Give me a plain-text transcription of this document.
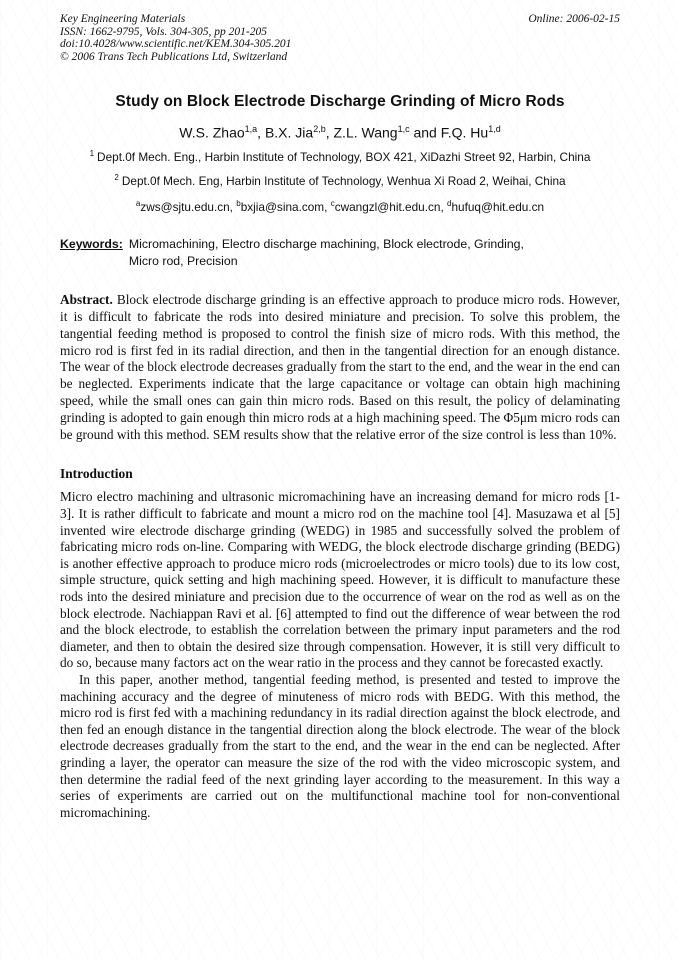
Key Engineering Materials
ISSN: 1662-9795, Vols. 304-305, pp 201-205
doi:10.4028/www.scientific.net/KEM.304-305.201
© 2006 Trans Tech Publications Ltd, Switzerland
Online: 2006-02-15
Study on Block Electrode Discharge Grinding of Micro Rods
W.S. Zhao$^{1,a}$, B.X. Jia$^{2,b}$, Z.L. Wang$^{1,c}$ and F.Q. Hu$^{1,d}$
$^1$ Dept.0f Mech. Eng., Harbin Institute of Technology, BOX 421, XiDazhi Street 92, Harbin, China
$^2$ Dept.0f Mech. Eng, Harbin Institute of Technology, Wenhua Xi Road 2, Weihai, China
$^a$zws@sjtu.edu.cn, $^b$bxjia@sina.com, $^c$cwangzl@hit.edu.cn, $^d$hufuq@hit.edu.cn
Keywords: Micromachining, Electro discharge machining, Block electrode, Grinding,
Micro rod, Precision
Abstract. Block electrode discharge grinding is an effective approach to produce micro rods. However, it is difficult to fabricate the rods into desired miniature and precision. To solve this problem, the tangential feeding method is proposed to control the finish size of micro rods. With this method, the micro rod is first fed in its radial direction, and then in the tangential direction for an enough distance. The wear of the block electrode decreases gradually from the start to the end, and the wear in the end can be neglected. Experiments indicate that the large capacitance or voltage can obtain high machining speed, while the small ones can gain thin micro rods. Based on this result, the policy of delaminating grinding is adopted to gain enough thin micro rods at a high machining speed. The Φ5μm micro rods can be ground with this method. SEM results show that the relative error of the size control is less than 10%.
Introduction

Micro electro machining and ultrasonic micromachining have an increasing demand for micro rods [1-3]. It is rather difficult to fabricate and mount a micro rod on the machine tool [4]. Masuzawa et al [5] invented wire electrode discharge grinding (WEDG) in 1985 and successfully solved the problem of fabricating micro rods on-line. Comparing with WEDG, the block electrode discharge grinding (BEDG) is another effective approach to produce micro rods (microelectrodes or micro tools) due to its low cost, simple structure, quick setting and high machining speed. However, it is difficult to manufacture these rods into the desired miniature and precision due to the occurrence of wear on the rod as well as on the block electrode. Nachiappan Ravi et al. [6] attempted to find out the difference of wear between the rod and the block electrode, to establish the correlation between the primary input parameters and the rod diameter, and then to obtain the desired size through compensation. However, it is still very difficult to do so, because many factors act on the wear ratio in the process and they cannot be forecasted exactly.

In this paper, another method, tangential feeding method, is presented and tested to improve the machining accuracy and the degree of minuteness of micro rods with BEDG. With this method, the micro rod is first fed with a machining redundancy in its radial direction against the block electrode, and then fed an enough distance in the tangential direction along the block electrode. The wear of the block electrode decreases gradually from the start to the end, and the wear in the end can be neglected. After grinding a layer, the operator can measure the size of the rod with the video microscopic system, and then determine the radial feed of the next grinding layer according to the measurement. In this way a series of experiments are carried out on the multifunctional machine tool for non-conventional micromachining.
